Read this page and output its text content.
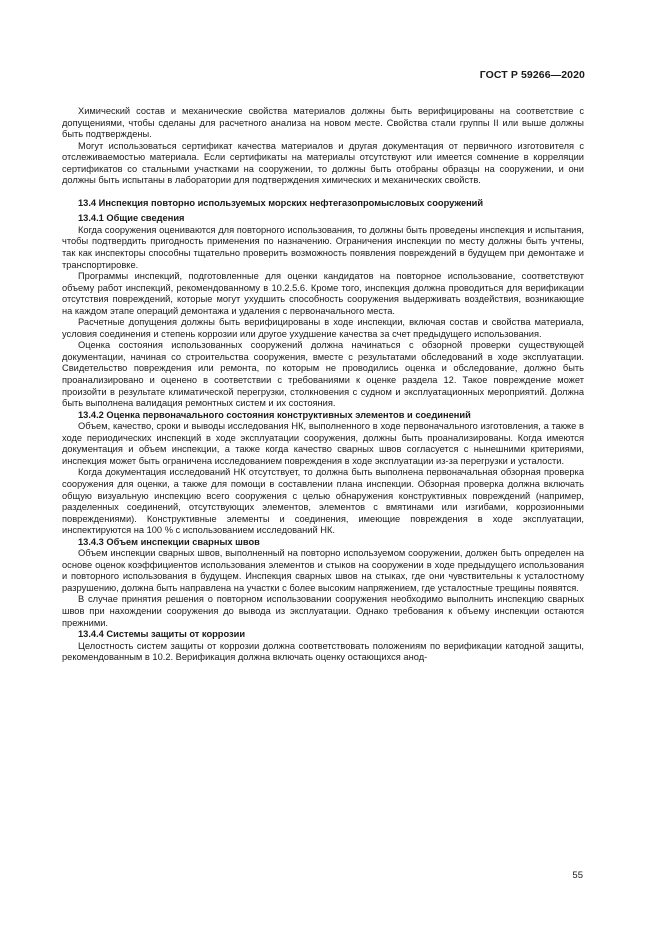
ГОСТ Р 59266—2020

Химический состав и механические свойства материалов должны быть верифицированы на соответствие с допущениями, чтобы сделаны для расчетного анализа на новом месте. Свойства стали группы II или выше должны быть подтверждены.

Могут использоваться сертификат качества материалов и другая документация от первичного изготовителя с отслеживаемостью материала. Если сертификаты на материалы отсутствуют или имеется сомнение в корреляции сертификатов со стальными участками на сооружении, то должны быть отобраны образцы на сооружении, и они должны быть испытаны в лаборатории для подтверждения химических и механических свойств.

13.4 Инспекция повторно используемых морских нефтегазопромысловых сооружений
13.4.1 Общие сведения

Когда сооружения оцениваются для повторного использования, то должны быть проведены инспекция и испытания, чтобы подтвердить пригодность применения по назначению. Ограничения инспекции по месту должны быть учтены, так как инспекторы способны тщательно проверить возможность появления повреждений в будущем при демонтаже и транспортировке.

Программы инспекций, подготовленные для оценки кандидатов на повторное использование, соответствуют объему работ инспекций, рекомендованному в 10.2.5.6. Кроме того, инспекция должна проводиться для верификации отсутствия повреждений, которые могут ухудшить способность сооружения выдерживать воздействия, возникающие на каждом этапе операций демонтажа и удаления с первоначального места.

Расчетные допущения должны быть верифицированы в ходе инспекции, включая состав и свойства материала, условия соединения и степень коррозии или другое ухудшение качества за счет предыдущего использования.

Оценка состояния использованных сооружений должна начинаться с обзорной проверки существующей документации, начиная со строительства сооружения, вместе с результатами обследований в ходе эксплуатации. Свидетельство повреждения или ремонта, по которым не проводились оценка и обследование, должно быть проанализировано и оценено в соответствии с требованиями к оценке раздела 12. Такое повреждение может произойти в результате климатической перегрузки, столкновения с судном и эксплуатационных мероприятий. Должна быть выполнена валидация ремонтных систем и их состояния.

13.4.2 Оценка первоначального состояния конструктивных элементов и соединений

Объем, качество, сроки и выводы исследования НК, выполненного в ходе первоначального изготовления, а также в ходе периодических инспекций в ходе эксплуатации сооружения, должны быть проанализированы. Когда имеются документация и объем инспекции, а также когда качество сварных швов согласуется с нынешними критериями, инспекция может быть ограничена исследованием повреждения в ходе эксплуатации из-за перегрузки и усталости.

Когда документация исследований НК отсутствует, то должна быть выполнена первоначальная обзорная проверка сооружения для оценки, а также для помощи в составлении плана инспекции. Обзорная проверка должна включать общую визуальную инспекцию всего сооружения с целью обнаружения конструктивных повреждений (например, разделенных соединений, отсутствующих элементов, элементов с вмятинами или изгибами, коррозионными повреждениями). Конструктивные элементы и соединения, имеющие повреждения в ходе эксплуатации, инспектируются на 100 % с использованием исследований НК.

13.4.3 Объем инспекции сварных швов

Объем инспекции сварных швов, выполненный на повторно используемом сооружении, должен быть определен на основе оценок коэффициентов использования элементов и стыков на сооружении в ходе предыдущего использования и повторного использования в будущем. Инспекция сварных швов на стыках, где они чувствительны к усталостному разрушению, должна быть направлена на участки с более высоким напряжением, где усталостные трещины появятся.

В случае принятия решения о повторном использовании сооружения необходимо выполнить инспекцию сварных швов при нахождении сооружения до вывода из эксплуатации. Однако требования к объему инспекции остаются прежними.

13.4.4 Системы защиты от коррозии

Целостность систем защиты от коррозии должна соответствовать положениям по верификации катодной защиты, рекомендованным в 10.2. Верификация должна включать оценку остающихся анод-

55
